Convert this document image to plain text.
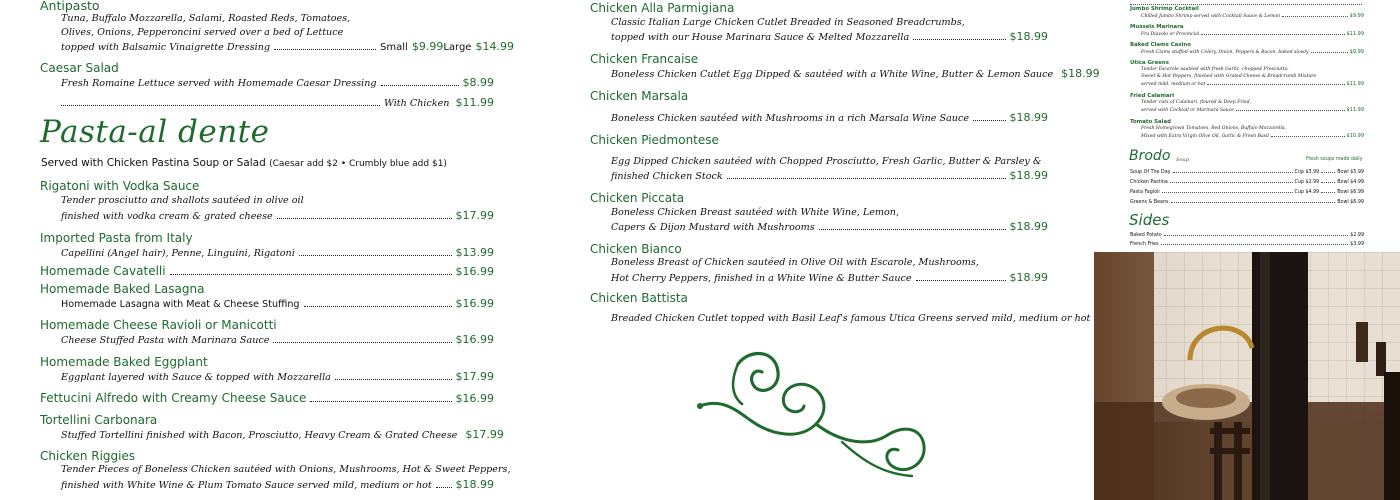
Antipasto
Tuna, Buffalo Mozzarella, Salami, Roasted Reds, Tomatoes,
Olives, Onions, Pepperoncini served over a bed of Lettuce
topped with Balsamic Vinaigrette Dressing	Small $9.99 Large $14.99
Caesar Salad
Fresh Romaine Lettuce served with Homemade Caesar Dressing	$8.99
With Chicken $11.99
Pasta-al dente
Served with Chicken Pastina Soup or Salad (Caesar add $2 • Crumbly blue add $1)
Rigatoni with Vodka Sauce
Tender prosciutto and shallots sautéed in olive oil
finished with vodka cream & grated cheese	$17.99
Imported Pasta from Italy
Capellini (Angel hair), Penne, Linguini, Rigatoni	$13.99
Homemade Cavatelli	$16.99
Homemade Baked Lasagna
Homemade Lasagna with Meat & Cheese Stuffing	$16.99
Homemade Cheese Ravioli or Manicotti
Cheese Stuffed Pasta with Marinara Sauce	$16.99
Homemade Baked Eggplant
Eggplant layered with Sauce & topped with Mozzarella	$17.99
Fettucini Alfredo with Creamy Cheese Sauce	$16.99
Tortellini Carbonara
Stuffed Tortellini finished with Bacon, Prosciutto, Heavy Cream & Grated Cheese $17.99
Chicken Riggies
Tender Pieces of Boneless Chicken sautéed with Onions, Mushrooms, Hot & Sweet Peppers,
finished with White Wine & Plum Tomato Sauce served mild, medium or hot $18.99
Chicken Alla Parmigiana
Classic Italian Large Chicken Cutlet Breaded in Seasoned Breadcrumbs,
topped with our House Marinara Sauce & Melted Mozzarella	$18.99
Chicken Francaise
Boneless Chicken Cutlet Egg Dipped & sautéed with a White Wine, Butter & Lemon Sauce $18.99
Chicken Marsala
Boneless Chicken sautéed with Mushrooms in a rich Marsala Wine Sauce	$18.99
Chicken Piedmontese
Egg Dipped Chicken sautéed with Chopped Prosciutto, Fresh Garlic, Butter & Parsley &
finished Chicken Stock	$18.99
Chicken Piccata
Boneless Chicken Breast sautéed with White Wine, Lemon,
Capers & Dijon Mustard with Mushrooms	$18.99
Chicken Bianco
Boneless Breast of Chicken sautéed in Olive Oil with Escarole, Mushrooms,
Hot Cherry Peppers, finished in a White Wine & Butter Sauce	$18.99
Chicken Battista
Breaded Chicken Cutlet topped with Basil Leaf's famous Utica Greens served mild, medium or hot
Jumbo Shrimp Cocktail
Chilled Jumbo Shrimp served with Cocktail Sauce & Lemon	$9.99
Mussels Marinara
Fra Diavolo or Provincial	$11.99
Baked Clams Casino
Fresh Clams stuffed with Celery, Onion, Peppers & Bacon, baked slowly	$9.99
Utica Greens
Tender Escarole sautéed with fresh Garlic, chopped Prosciutto.
Sweet & Hot Peppers, finished with Grated Cheese & Breadcrumb Mixture
served mild, medium or hot	$11.99
Fried Calamari
Tender cuts of Calamari, floured & Deep Fried,
served with Cocktail or Marinara Sauce	$11.99
Tomato Salad
Fresh Homegrown Tomatoes, Red Onions, Buffalo Mozzarella,
Mixed with Extra Virgin Olive Oil, Garlic & Fresh Basil	$10.99
Brodo Soup	Fresh soups made daily
Soup Of The Day	Cup $3.99	Bowl $5.99
Chicken Pastina	Cup $2.99	Bowl $4.99
Pasta Fagioli	Cup $4.99	Bowl $6.99
Greens & Beans	Bowl $6.99
Sides
Baked Potato	$2.99
French Fries	$3.99
